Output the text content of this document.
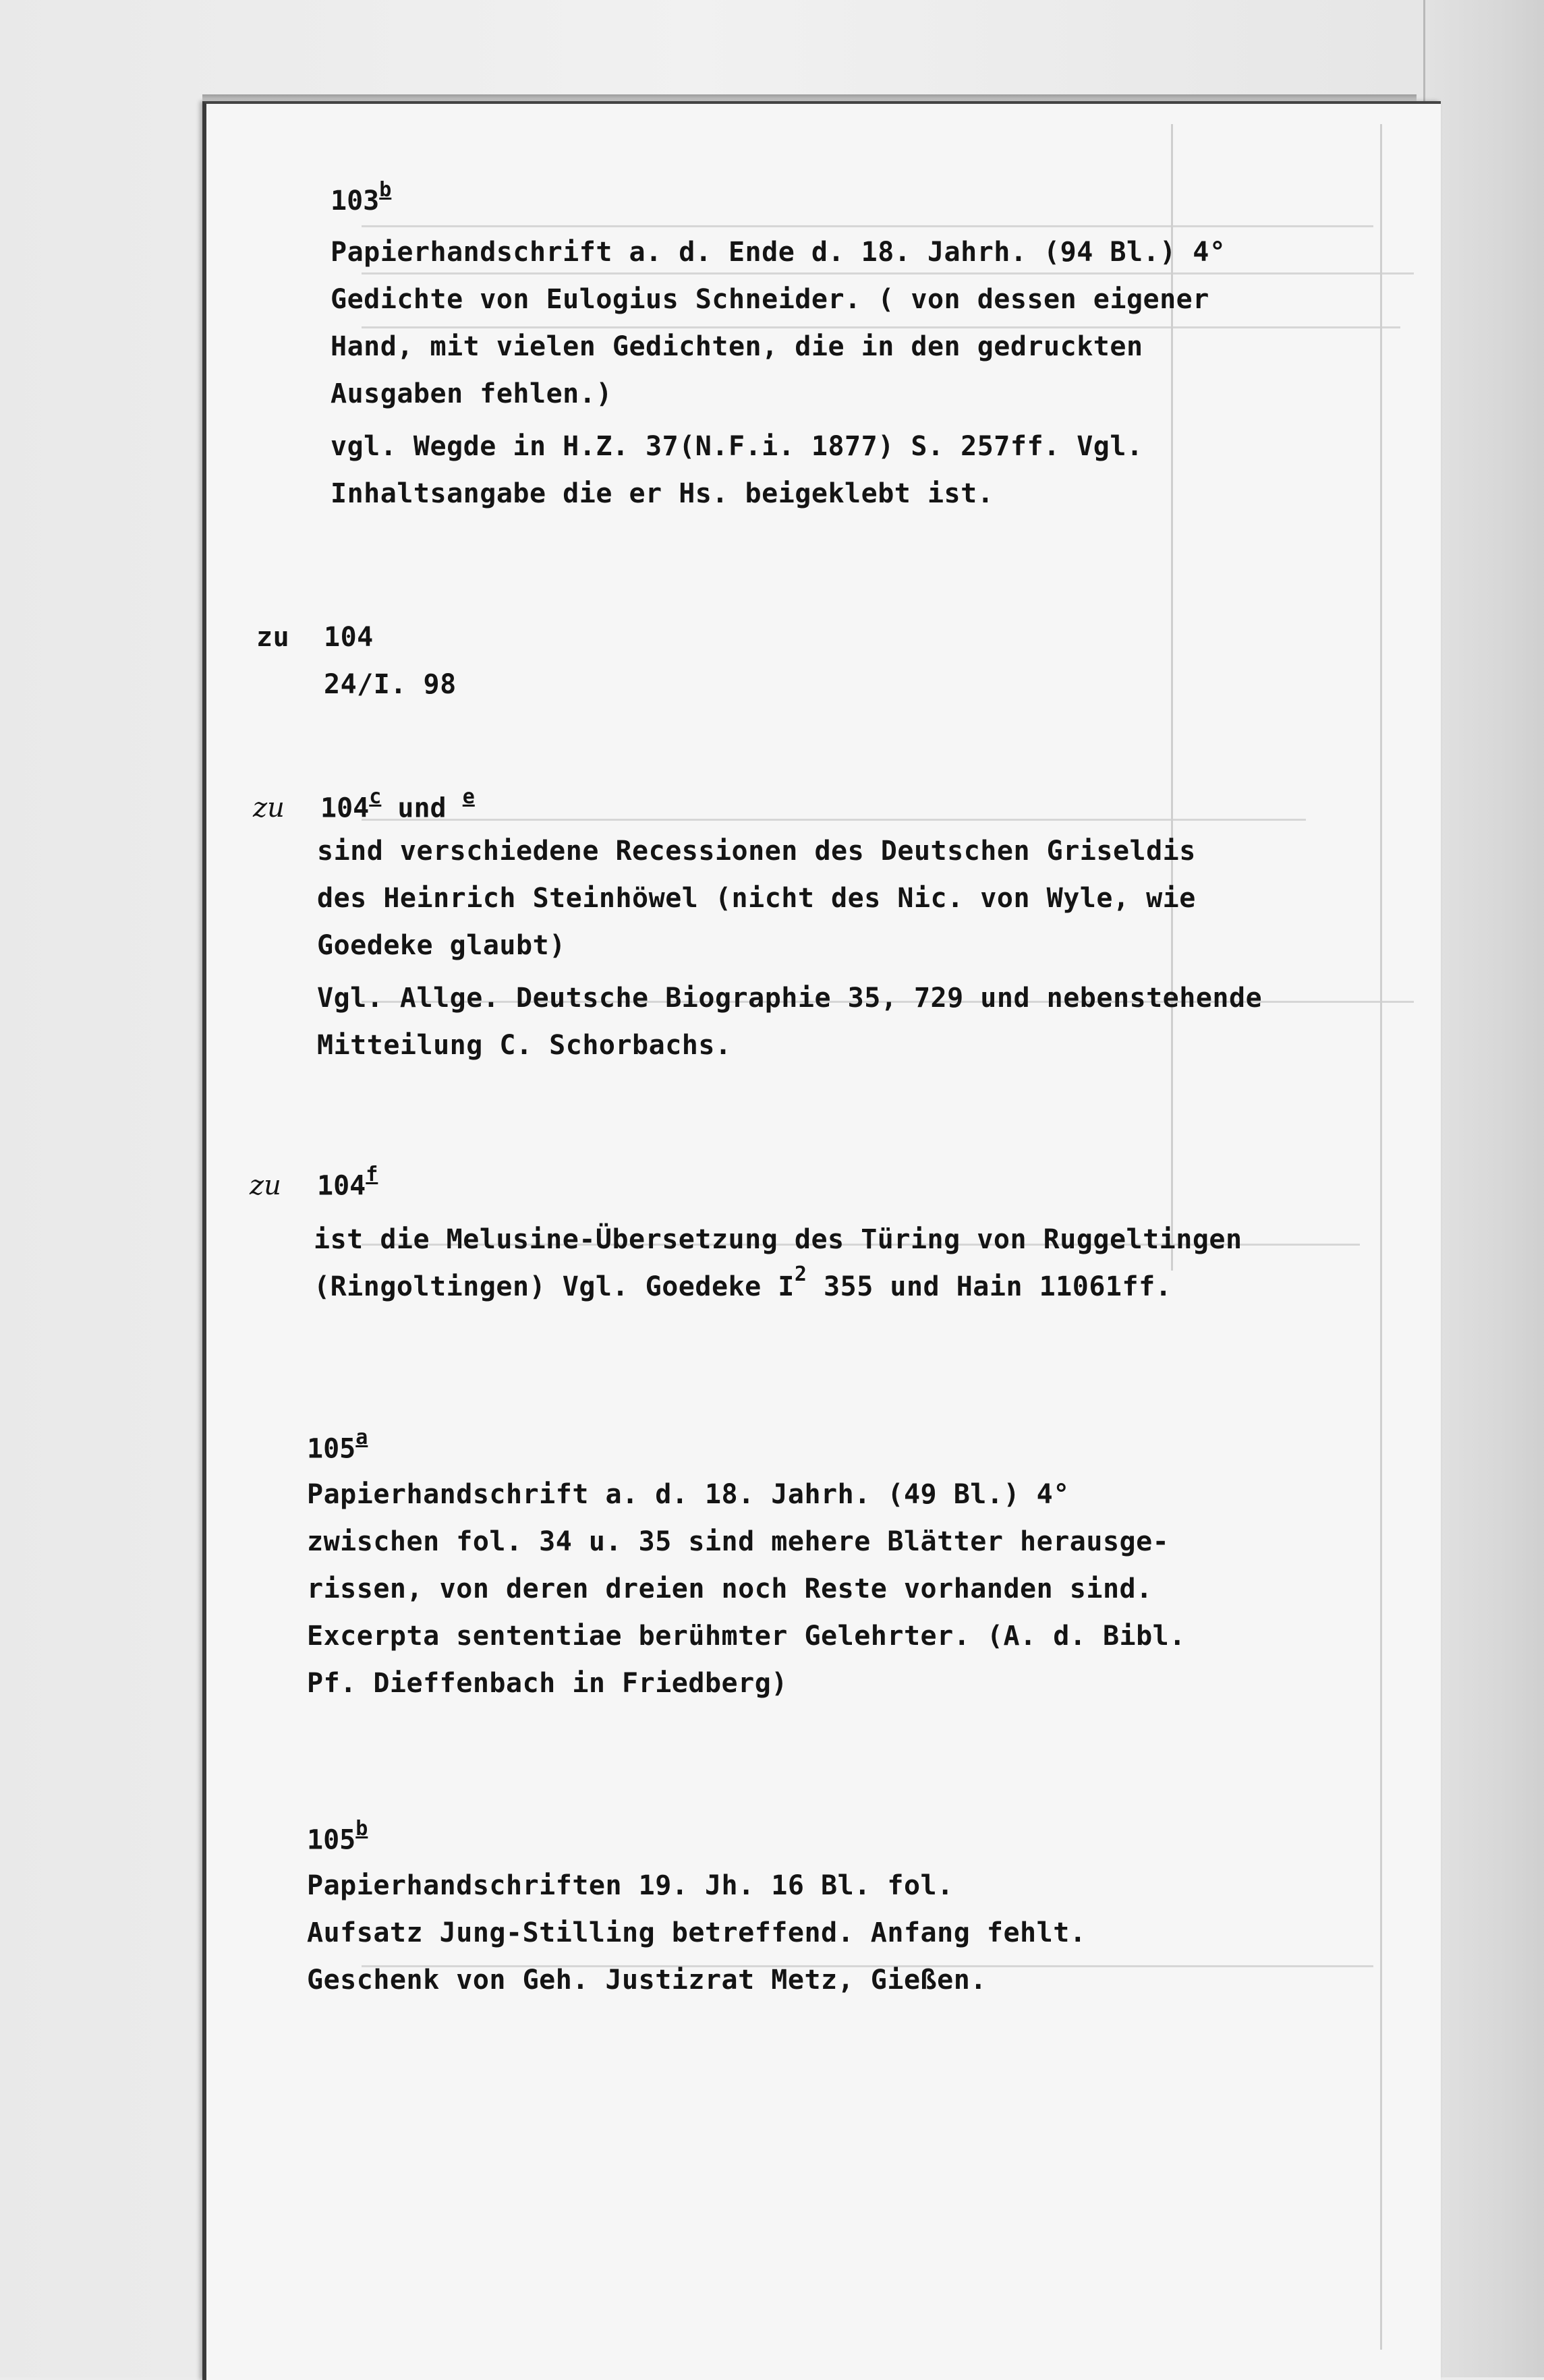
103$^b$
Papierhandschrift a. d. Ende d. 18. Jahrh. (94 Bl.) 4°
Gedichte von Eulogius Schneider. ( von dessen eigener
Hand, mit vielen Gedichten, die in den gedruckten
Ausgaben fehlen.)
vgl. Wegde in H.Z. 37(N.F.i. 1877) S. 257ff. Vgl.
Inhaltsangabe die er Hs. beigeklebt ist.
zu 104
24/I. 98
zu 104$^c$ und $^e$
sind verschiedene Recessionen des Deutschen Griseldis
des Heinrich Steinhöwel (nicht des Nic. von Wyle, wie
Goedeke glaubt)
Vgl. Allge. Deutsche Biographie 35, 729 und nebenstehende
Mitteilung C. Schorbachs.
zu 104$^f$
ist die Melusine-Übersetzung des Türing von Ruggeltingen
(Ringoltingen) Vgl. Goedeke $I^2$ 355 und Hain 11061ff.
105$^a$
Papierhandschrift a. d. 18. Jahrh. (49 Bl.) 4°
zwischen fol. 34 u. 35 sind mehere Blätter herausge-
rissen, von deren dreien noch Reste vorhanden sind.
Excerpta sententiae berühmter Gelehrter. (A. d. Bibl.
Pf. Dieffenbach in Friedberg)
105$^b$
Papierhandschriften 19. Jh. 16 Bl. fol.
Aufsatz Jung-Stilling betreffend. Anfang fehlt.
Geschenk von Geh. Justizrat Metz, Gießen.
